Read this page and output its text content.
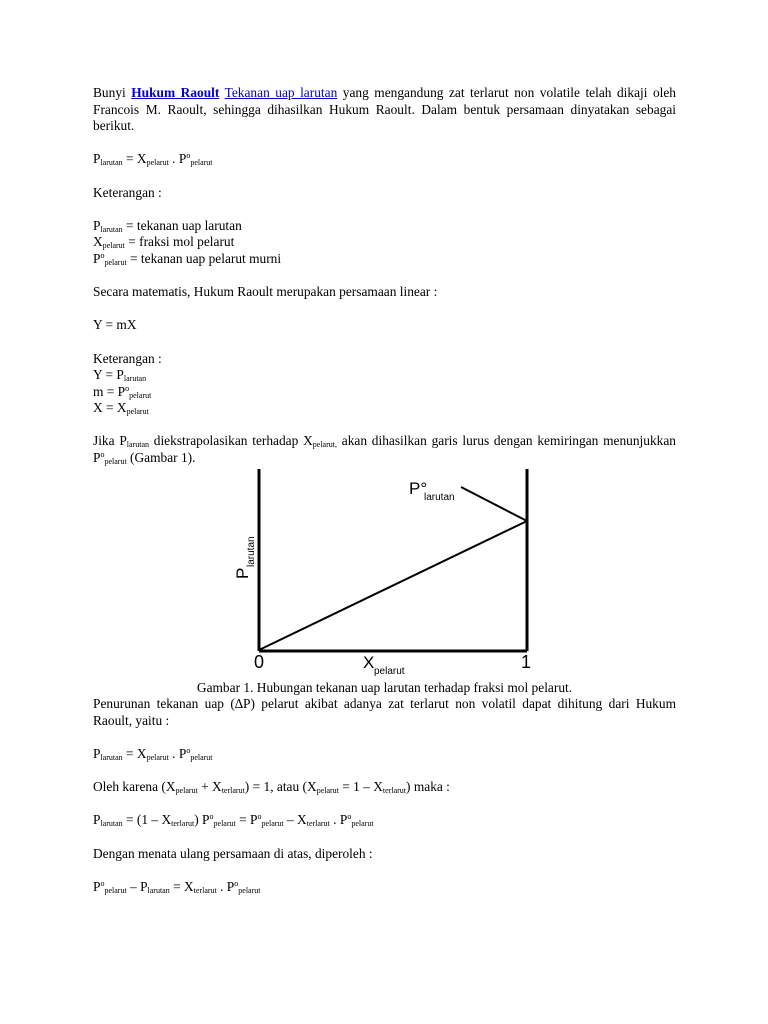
Bunyi Hukum Raoult Tekanan uap larutan yang mengandung zat terlarut non volatile telah dikaji oleh Francois M. Raoult, sehingga dihasilkan Hukum Raoult. Dalam bentuk persamaan dinyatakan sebagai berikut.

$P_{larutan} = X_{pelarut}$ . $P^o_{pelarut}$

Keterangan :

$P_{larutan}$ = tekanan uap larutan

$X_{pelarut}$ = fraksi mol pelarut

$P^o_{pelarut}$ = tekanan uap pelarut murni

Secara matematis, Hukum Raoult merupakan persamaan linear :

Y = mX

Keterangan :

$Y = P_{larutan}$

$m = P^o_{pelarut}$

$X = X_{pelarut}$

Jika $P_{larutan}$ diekstrapolasikan terhadap $X_{pelarut,}$ akan dihasilkan garis lurus dengan kemiringan menunjukkan $P^o_{pelarut}$ (Gambar 1).

P
larutan
P°
larutan
0	1
X pelarut

Gambar 1. Hubungan tekanan uap larutan terhadap fraksi mol pelarut.

Penurunan tekanan uap (∆P) pelarut akibat adanya zat terlarut non volatil dapat dihitung dari Hukum Raoult, yaitu :

$P_{larutan} = X_{pelarut}$ . $P^o_{pelarut}$

Oleh karena $(X_{pelarut} + X_{terlarut}) = 1$, atau $(X_{pelarut} = 1 - X_{terlarut})$ maka :

$P_{larutan} = (1 - X_{terlarut}) P^o_{pelarut} = P^o_{pelarut} - X_{terlarut}$ . $P^o_{pelarut}$

Dengan menata ulang persamaan di atas, diperoleh :

$P^o_{pelarut} - P_{larutan} = X_{terlarut}$ . $P^o_{pelarut}$
